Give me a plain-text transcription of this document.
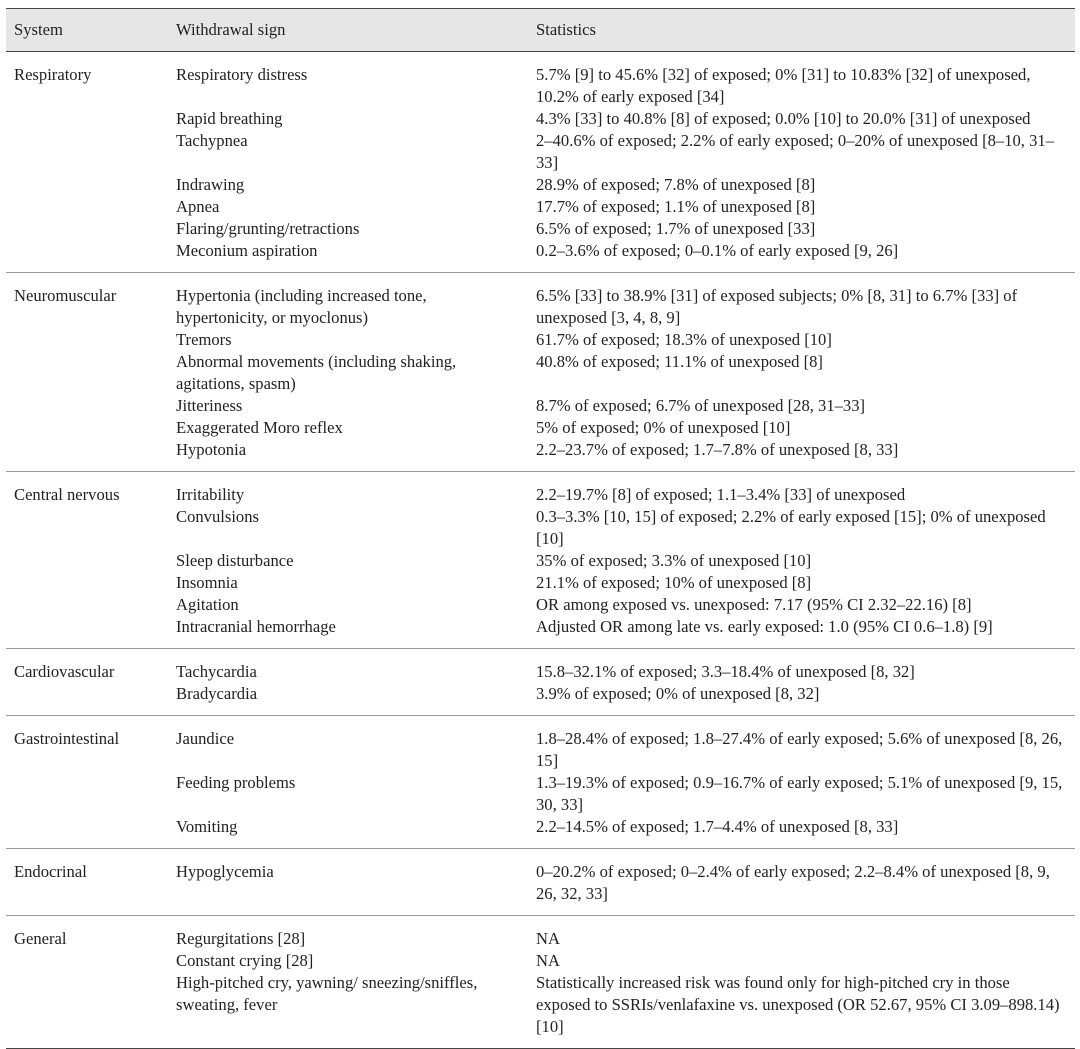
System	Withdrawal sign	Statistics
Respiratory	Respiratory distress	5.7% [9] to 45.6% [32] of exposed; 0% [31] to 10.83% [32] of unexposed, 10.2% of early exposed [34]
	Rapid breathing	4.3% [33] to 40.8% [8] of exposed; 0.0% [10] to 20.0% [31] of unexposed
	Tachypnea	2–40.6% of exposed; 2.2% of early exposed; 0–20% of unexposed [8–10, 31–33]
	Indrawing	28.9% of exposed; 7.8% of unexposed [8]
	Apnea	17.7% of exposed; 1.1% of unexposed [8]
	Flaring/grunting/retractions	6.5% of exposed; 1.7% of unexposed [33]
	Meconium aspiration	0.2–3.6% of exposed; 0–0.1% of early exposed [9, 26]
Neuromuscular	Hypertonia (including increased tone, hypertonicity, or myoclonus)	6.5% [33] to 38.9% [31] of exposed subjects; 0% [8, 31] to 6.7% [33] of unexposed [3, 4, 8, 9]
	Tremors	61.7% of exposed; 18.3% of unexposed [10]
	Abnormal movements (including shaking, agitations, spasm)	40.8% of exposed; 11.1% of unexposed [8]
	Jitteriness	8.7% of exposed; 6.7% of unexposed [28, 31–33]
	Exaggerated Moro reflex	5% of exposed; 0% of unexposed [10]
	Hypotonia	2.2–23.7% of exposed; 1.7–7.8% of unexposed [8, 33]
Central nervous	Irritability	2.2–19.7% [8] of exposed; 1.1–3.4% [33] of unexposed
	Convulsions	0.3–3.3% [10, 15] of exposed; 2.2% of early exposed [15]; 0% of unexposed [10]
	Sleep disturbance	35% of exposed; 3.3% of unexposed [10]
	Insomnia	21.1% of exposed; 10% of unexposed [8]
	Agitation	OR among exposed vs. unexposed: 7.17 (95% CI 2.32–22.16) [8]
	Intracranial hemorrhage	Adjusted OR among late vs. early exposed: 1.0 (95% CI 0.6–1.8) [9]
Cardiovascular	Tachycardia	15.8–32.1% of exposed; 3.3–18.4% of unexposed [8, 32]
	Bradycardia	3.9% of exposed; 0% of unexposed [8, 32]
Gastrointestinal	Jaundice	1.8–28.4% of exposed; 1.8–27.4% of early exposed; 5.6% of unexposed [8, 26, 15]
	Feeding problems	1.3–19.3% of exposed; 0.9–16.7% of early exposed; 5.1% of unexposed [9, 15, 30, 33]
	Vomiting	2.2–14.5% of exposed; 1.7–4.4% of unexposed [8, 33]
Endocrinal	Hypoglycemia	0–20.2% of exposed; 0–2.4% of early exposed; 2.2–8.4% of unexposed [8, 9, 26, 32, 33]
General	Regurgitations [28]	NA
	Constant crying [28]	NA
	High-pitched cry, yawning/ sneezing/sniffles, sweating, fever	Statistically increased risk was found only for high-pitched cry in those exposed to SSRIs/venlafaxine vs. unexposed (OR 52.67, 95% CI 3.09–898.14) [10]
